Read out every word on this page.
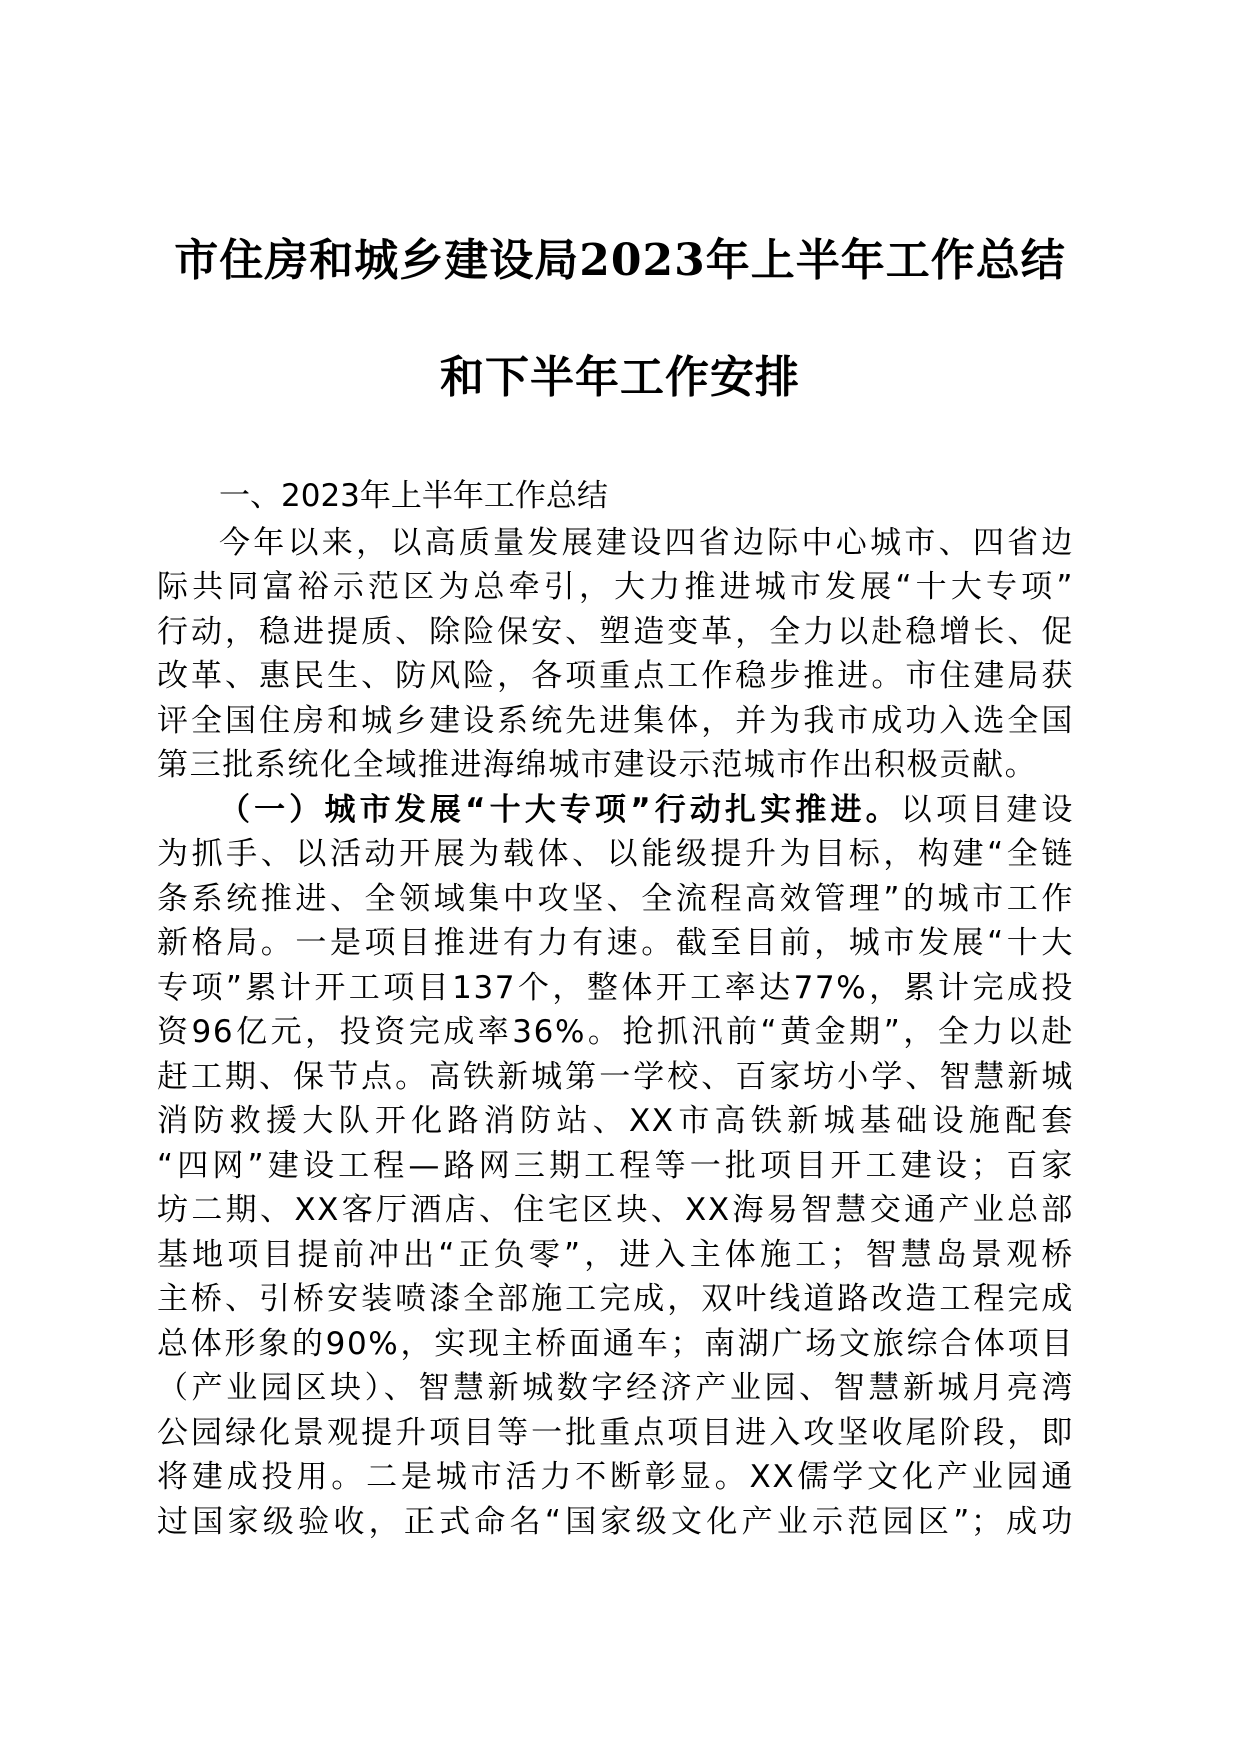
市住房和城乡建设局2023年上半年工作总结
和下半年工作安排

一、2023年上半年工作总结

今年以来，以高质量发展建设四省边际中心城市、四省边
际共同富裕示范区为总牵引，大力推进城市发展“十大专项”
行动，稳进提质、除险保安、塑造变革，全力以赴稳增长、促
改革、惠民生、防风险，各项重点工作稳步推进。市住建局获
评全国住房和城乡建设系统先进集体，并为我市成功入选全国
第三批系统化全域推进海绵城市建设示范城市作出积极贡献。
（一）城市发展“十大专项”行动扎实推进。以项目建设
为抓手、以活动开展为载体、以能级提升为目标，构建“全链
条系统推进、全领域集中攻坚、全流程高效管理”的城市工作
新格局。一是项目推进有力有速。截至目前，城市发展“十大
专项”累计开工项目137个，整体开工率达77%，累计完成投
资96亿元，投资完成率36%。抢抓汛前“黄金期”，全力以赴
赶工期、保节点。高铁新城第一学校、百家坊小学、智慧新城
消防救援大队开化路消防站、XX市高铁新城基础设施配套
“四网”建设工程—路网三期工程等一批项目开工建设；百家
坊二期、XX客厅酒店、住宅区块、XX海易智慧交通产业总部
基地项目提前冲出“正负零”，进入主体施工；智慧岛景观桥
主桥、引桥安装喷漆全部施工完成，双叶线道路改造工程完成
总体形象的90%，实现主桥面通车；南湖广场文旅综合体项目
（产业园区块）、智慧新城数字经济产业园、智慧新城月亮湾
公园绿化景观提升项目等一批重点项目进入攻坚收尾阶段，即
将建成投用。二是城市活力不断彰显。XX儒学文化产业园通
过国家级验收，正式命名“国家级文化产业示范园区”；成功
